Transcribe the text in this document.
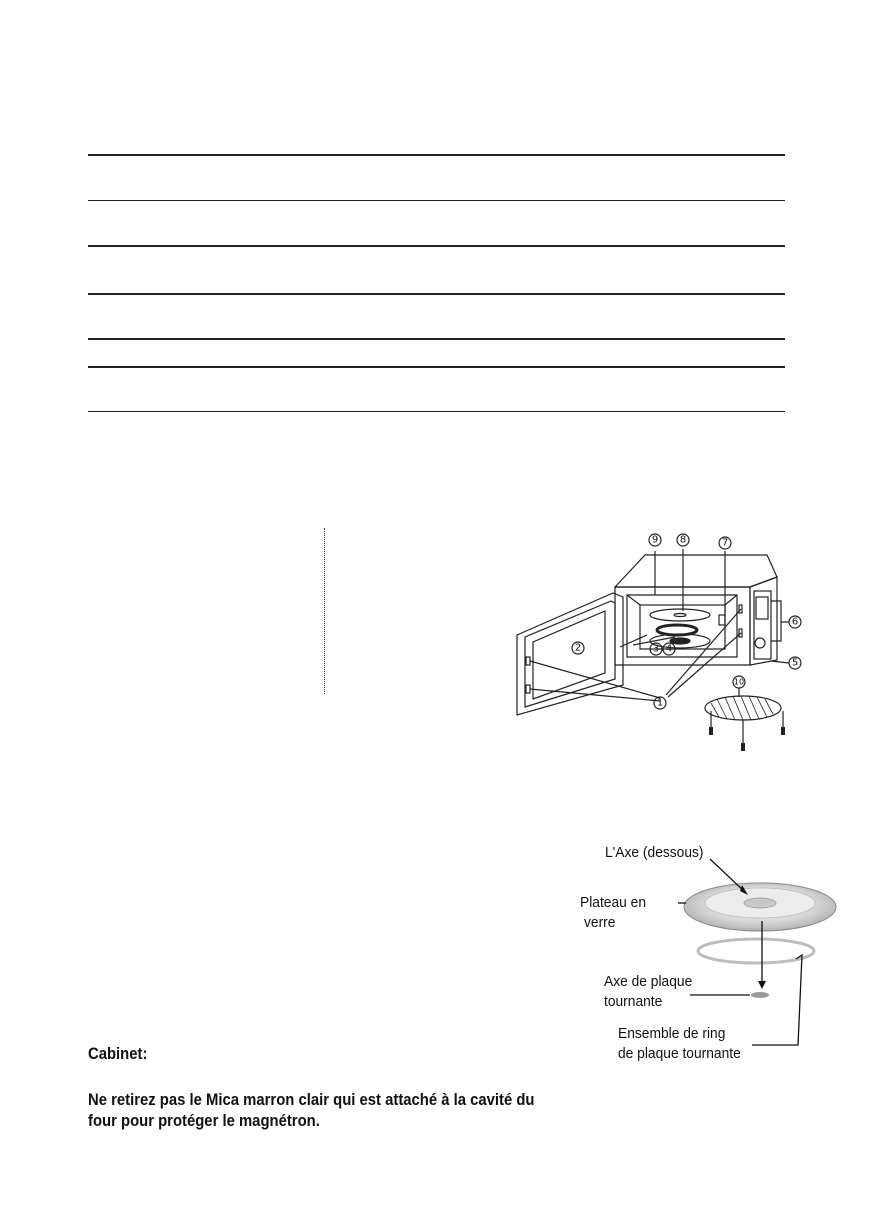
1
2	3 4
5
6
7
8
9
10
L'Axe (dessous)
Plateau en
verre
Axe de plaque
tournante
Ensemble de ring
de plaque tournante
Cabinet:
Ne retirez pas le Mica marron clair qui est attaché à la cavité du four pour protéger le magnétron.
